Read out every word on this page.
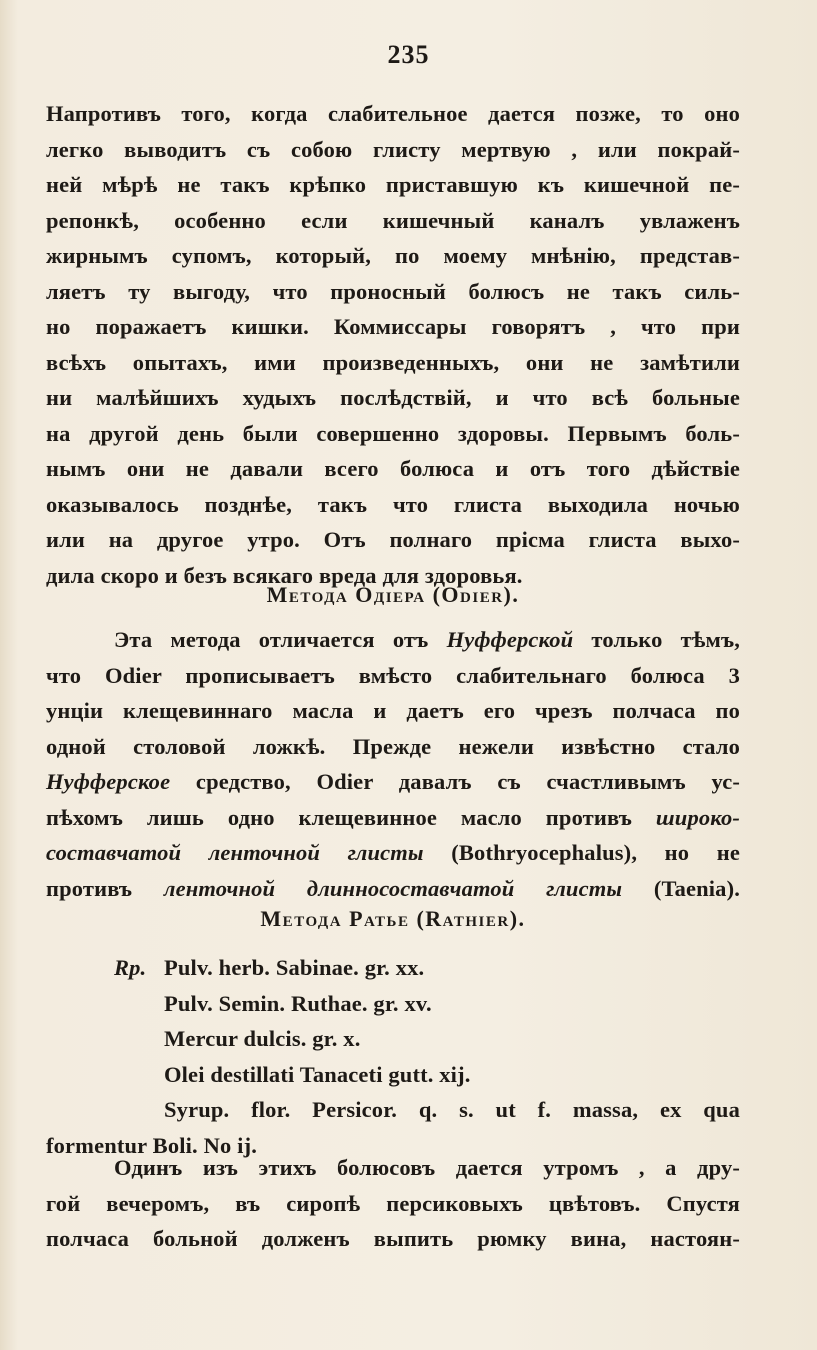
235
Напротивъ того, когда слабительное дается позже, то оно
легко выводитъ съ собою глисту мертвую , или покрай-
ней мѣрѣ не такъ крѣпко приставшую къ кишечной пе-
репонкѣ, особенно если кишечный каналъ увлаженъ
жирнымъ супомъ, который, по моему мнѣнію, представ-
ляетъ ту выгоду, что проносный болюсъ не такъ силь-
но поражаетъ кишки. Коммиссары говорятъ , что при
всѣхъ опытахъ, ими произведенныхъ, они не замѣтили
ни малѣйшихъ худыхъ послѣдствій, и что всѣ больные
на другой день были совершенно здоровы. Первымъ боль-
нымъ они не давали всего болюса и отъ того дѣйствіе
оказывалось позднѣе, такъ что глиста выходила ночью
или на другое утро. Отъ полнаго прісма глиста выхо-
дила скоро и безъ всякаго вреда для здоровья.
Метода Одіера (Odier).
Эта метода отличается отъ Нуфферской только тѣмъ,
что Odier прописываетъ вмѣсто слабительнаго болюса 3
унціи клещевиннаго масла и даетъ его чрезъ полчаса по
одной столовой ложкѣ. Прежде нежели извѣстно стало
Нуфферское средство, Odier давалъ съ счастливымъ ус-
пѣхомъ лишь одно клещевинное масло противъ широко-
составчатой ленточной глисты (Bothryocephalus), но не
противъ ленточной длинносоставчатой глисты (Taenia).
Метода Ратье (Rathier).
Rp. Pulv. herb. Sabinae. gr. xx.
Pulv. Semin. Ruthae. gr. xv.
Mercur dulcis. gr. x.
Olei destillati Tanaceti gutt. xij.
Syrup. flor. Persicor. q. s. ut f. massa, ex qua
formentur Boli. No ij.
Одинъ изъ этихъ болюсовъ дается утромъ , а дру-
гой вечеромъ, въ сиропѣ персиковыхъ цвѣтовъ. Спустя
полчаса больной долженъ выпить рюмку вина, настоян-
